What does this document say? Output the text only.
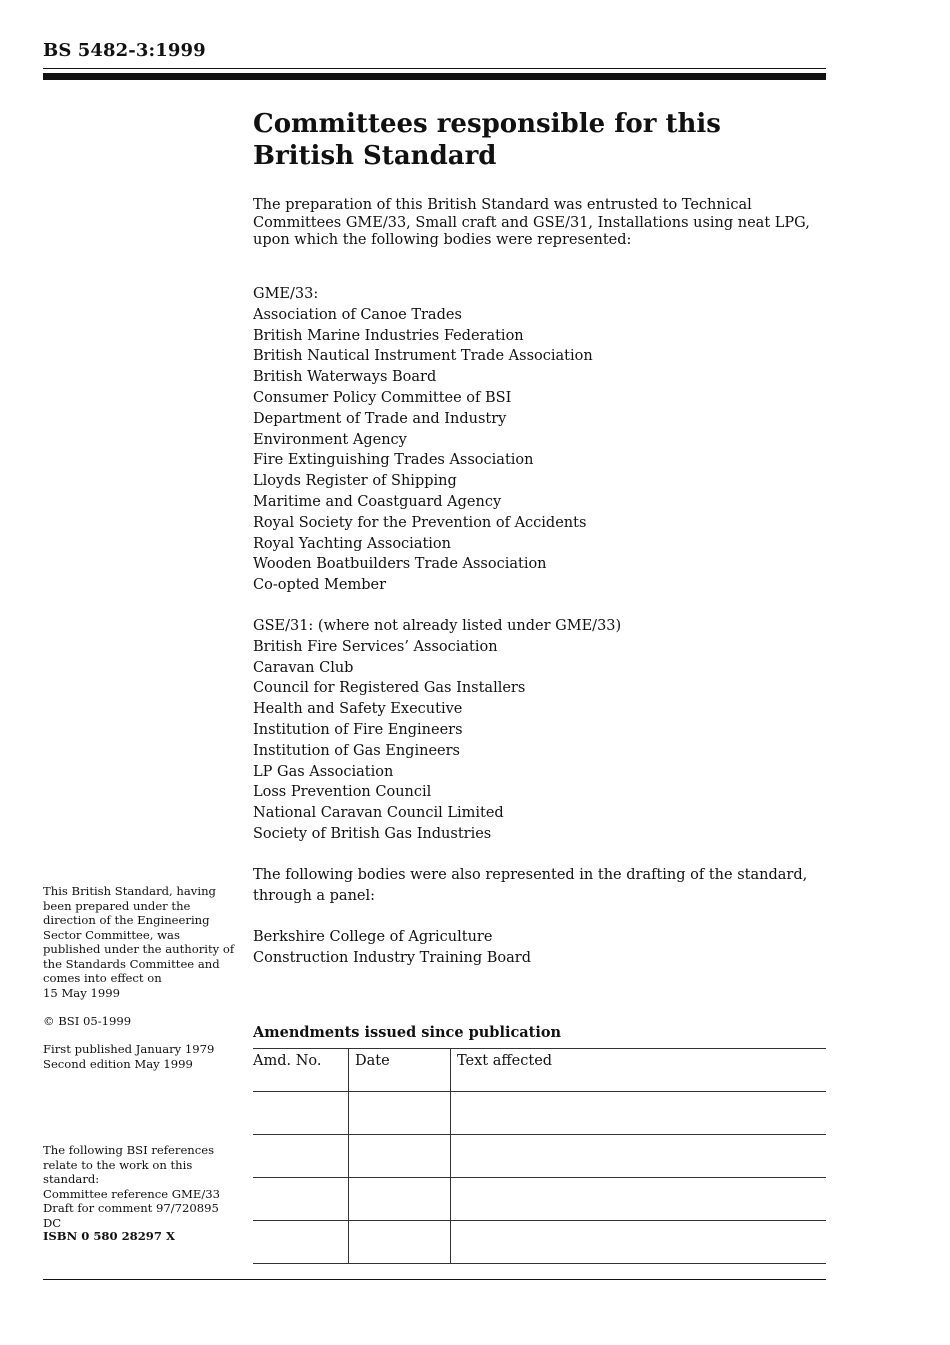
BS 5482-3:1999
Committees responsible for this
British Standard

The preparation of this British Standard was entrusted to Technical Committees GME/33, Small craft and GSE/31, Installations using neat LPG, upon which the following bodies were represented:

GME/33:
Association of Canoe Trades
British Marine Industries Federation
British Nautical Instrument Trade Association
British Waterways Board
Consumer Policy Committee of BSI
Department of Trade and Industry
Environment Agency
Fire Extinguishing Trades Association
Lloyds Register of Shipping
Maritime and Coastguard Agency
Royal Society for the Prevention of Accidents
Royal Yachting Association
Wooden Boatbuilders Trade Association
Co-opted Member
GSE/31: (where not already listed under GME/33)
British Fire Services’ Association
Caravan Club
Council for Registered Gas Installers
Health and Safety Executive
Institution of Fire Engineers
Institution of Gas Engineers
LP Gas Association
Loss Prevention Council
National Caravan Council Limited
Society of British Gas Industries

The following bodies were also represented in the drafting of the standard, through a panel:

Berkshire College of Agriculture
Construction Industry Training Board

This British Standard, having been prepared under the direction of the Engineering Sector Committee, was published under the authority of the Standards Committee and comes into effect on
15 May 1999

© BSI 05-1999

First published January 1979
Second edition May 1999

The following BSI references relate to the work on this standard:
Committee reference GME/33
Draft for comment 97/720895 DC

ISBN 0 580 28297 X

Amendments issued since publication
Amd. No.	Date	Text affected
